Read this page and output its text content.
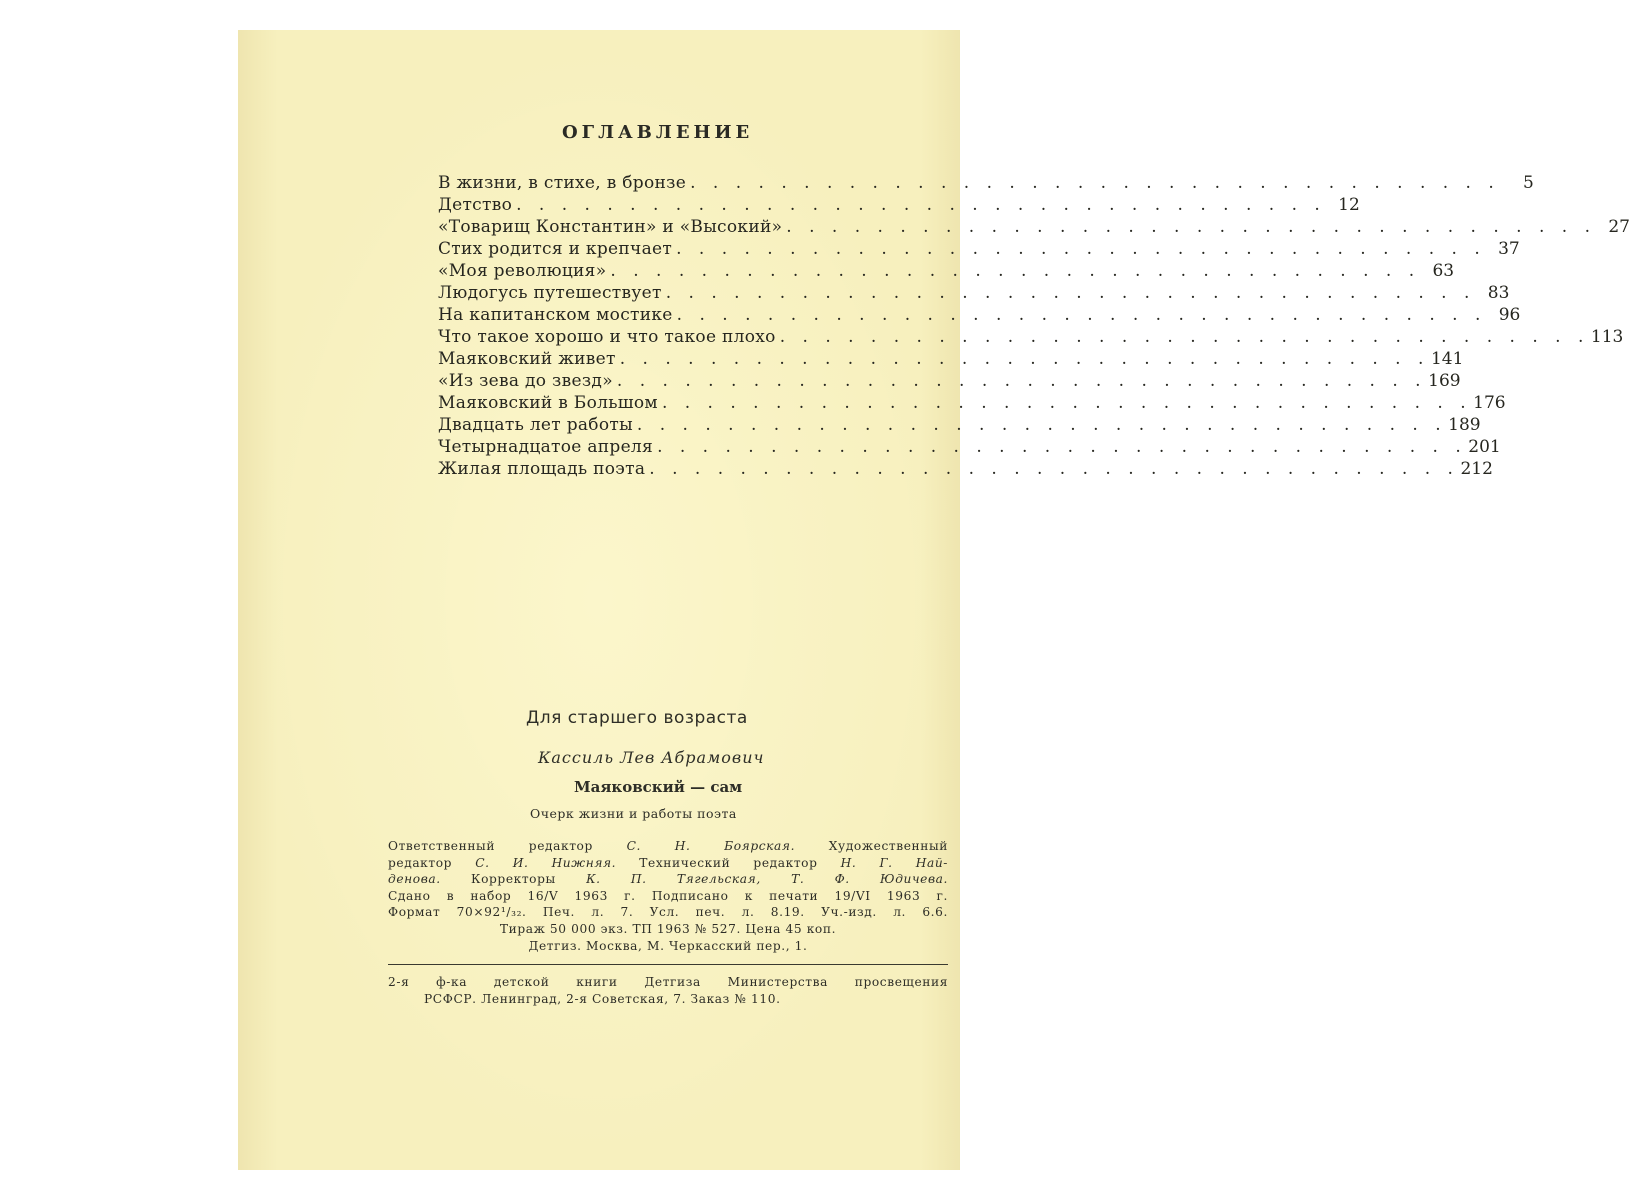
ОГЛАВЛЕНИЕ
В жизни, в стихе, в бронзе . . . . . . . . . . . . . . . . . . . . . . . . . . . . . . . . . . . .	5
Детство . . . . . . . . . . . . . . . . . . . . . . . . . . . . . . . . . . . . 12
«Товарищ Константин» и «Высокий» . . . . . . . . . . . . . . . . . . . . . . . . . . . . . . . . . . . . 27
Стих родится и крепчает . . . . . . . . . . . . . . . . . . . . . . . . . . . . . . . . . . . . 37
«Моя революция» . . . . . . . . . . . . . . . . . . . . . . . . . . . . . . . . . . . . 63
Людогусь путешествует . . . . . . . . . . . . . . . . . . . . . . . . . . . . . . . . . . . . 83
На капитанском мостике . . . . . . . . . . . . . . . . . . . . . . . . . . . . . . . . . . . . 96
Что такое хорошо и что такое плохо . . . . . . . . . . . . . . . . . . . . . . . . . . . . . . . . . . . . 113
Маяковский живет . . . . . . . . . . . . . . . . . . . . . . . . . . . . . . . . . . . . 141
«Из зева до звезд» . . . . . . . . . . . . . . . . . . . . . . . . . . . . . . . . . . . . 169
Маяковский в Большом . . . . . . . . . . . . . . . . . . . . . . . . . . . . . . . . . . . . 176
Двадцать лет работы . . . . . . . . . . . . . . . . . . . . . . . . . . . . . . . . . . . . 189
Четырнадцатое апреля . . . . . . . . . . . . . . . . . . . . . . . . . . . . . . . . . . . . 201
Жилая площадь поэта . . . . . . . . . . . . . . . . . . . . . . . . . . . . . . . . . . . . 212
Для старшего возраста
Кассиль Лев Абрамович
Маяковский — сам
Очерк жизни и работы поэта
Ответственный редактор С. Н. Боярская. Художественный
редактор С. И. Нижняя. Технический редактор Н. Г. Най-
денова. Корректоры К. П. Тягельская, Т. Ф. Юдичева.
Сдано в набор 16/V 1963 г. Подписано к печати 19/VI 1963 г.
Формат 70×92¹/₃₂. Печ. л. 7. Усл. печ. л. 8.19. Уч.-изд. л. 6.6.
Тираж 50 000 экз. ТП 1963 № 527. Цена 45 коп.
Детгиз. Москва, М. Черкасский пер., 1.
2-я ф-ка детской книги Детгиза Министерства просвещения
РСФСР. Ленинград, 2-я Советская, 7. Заказ № 110.
